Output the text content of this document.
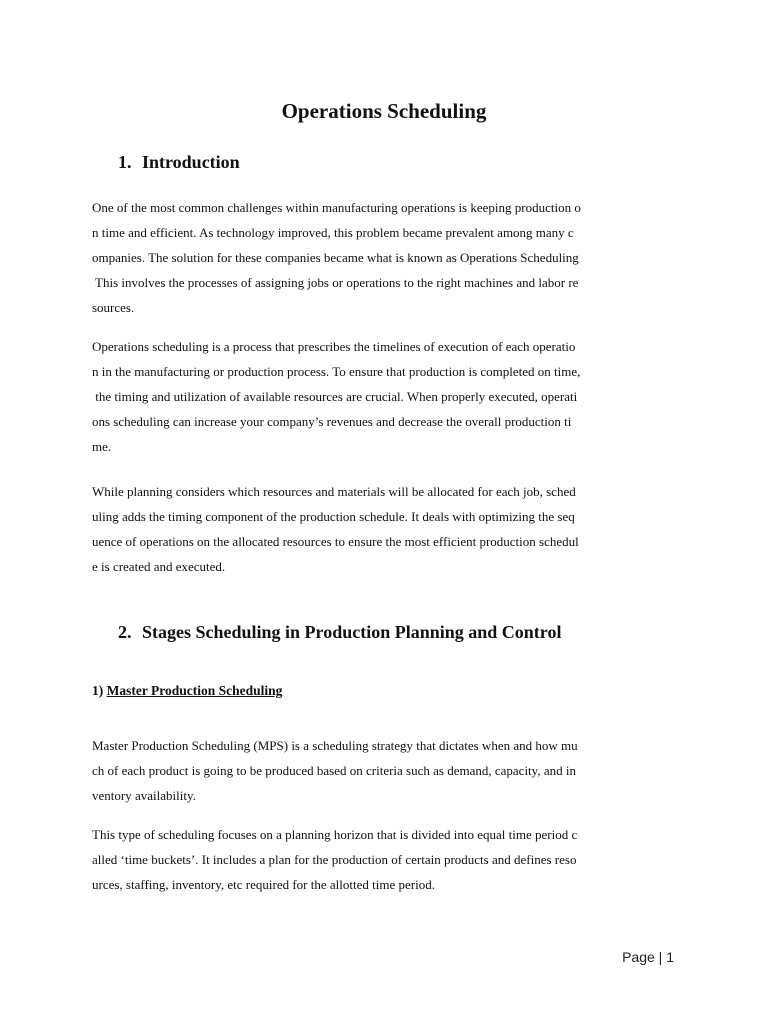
Operations Scheduling
1. Introduction
One of the most common challenges within manufacturing operations is keeping production o
n time and efficient. As technology improved, this problem became prevalent among many c
ompanies. The solution for these companies became what is known as Operations Scheduling
This involves the processes of assigning jobs or operations to the right machines and labor re
sources.
Operations scheduling is a process that prescribes the timelines of execution of each operatio
n in the manufacturing or production process. To ensure that production is completed on time,
the timing and utilization of available resources are crucial. When properly executed, operati
ons scheduling can increase your company’s revenues and decrease the overall production ti
me.
While planning considers which resources and materials will be allocated for each job, sched
uling adds the timing component of the production schedule. It deals with optimizing the seq
uence of operations on the allocated resources to ensure the most efficient production schedul
e is created and executed.
2. Stages Scheduling in Production Planning and Control
1) Master Production Scheduling
Master Production Scheduling (MPS) is a scheduling strategy that dictates when and how mu
ch of each product is going to be produced based on criteria such as demand, capacity, and in
ventory availability.
This type of scheduling focuses on a planning horizon that is divided into equal time period c
alled ‘time buckets’. It includes a plan for the production of certain products and defines reso
urces, staffing, inventory, etc required for the allotted time period.
Page | 1
